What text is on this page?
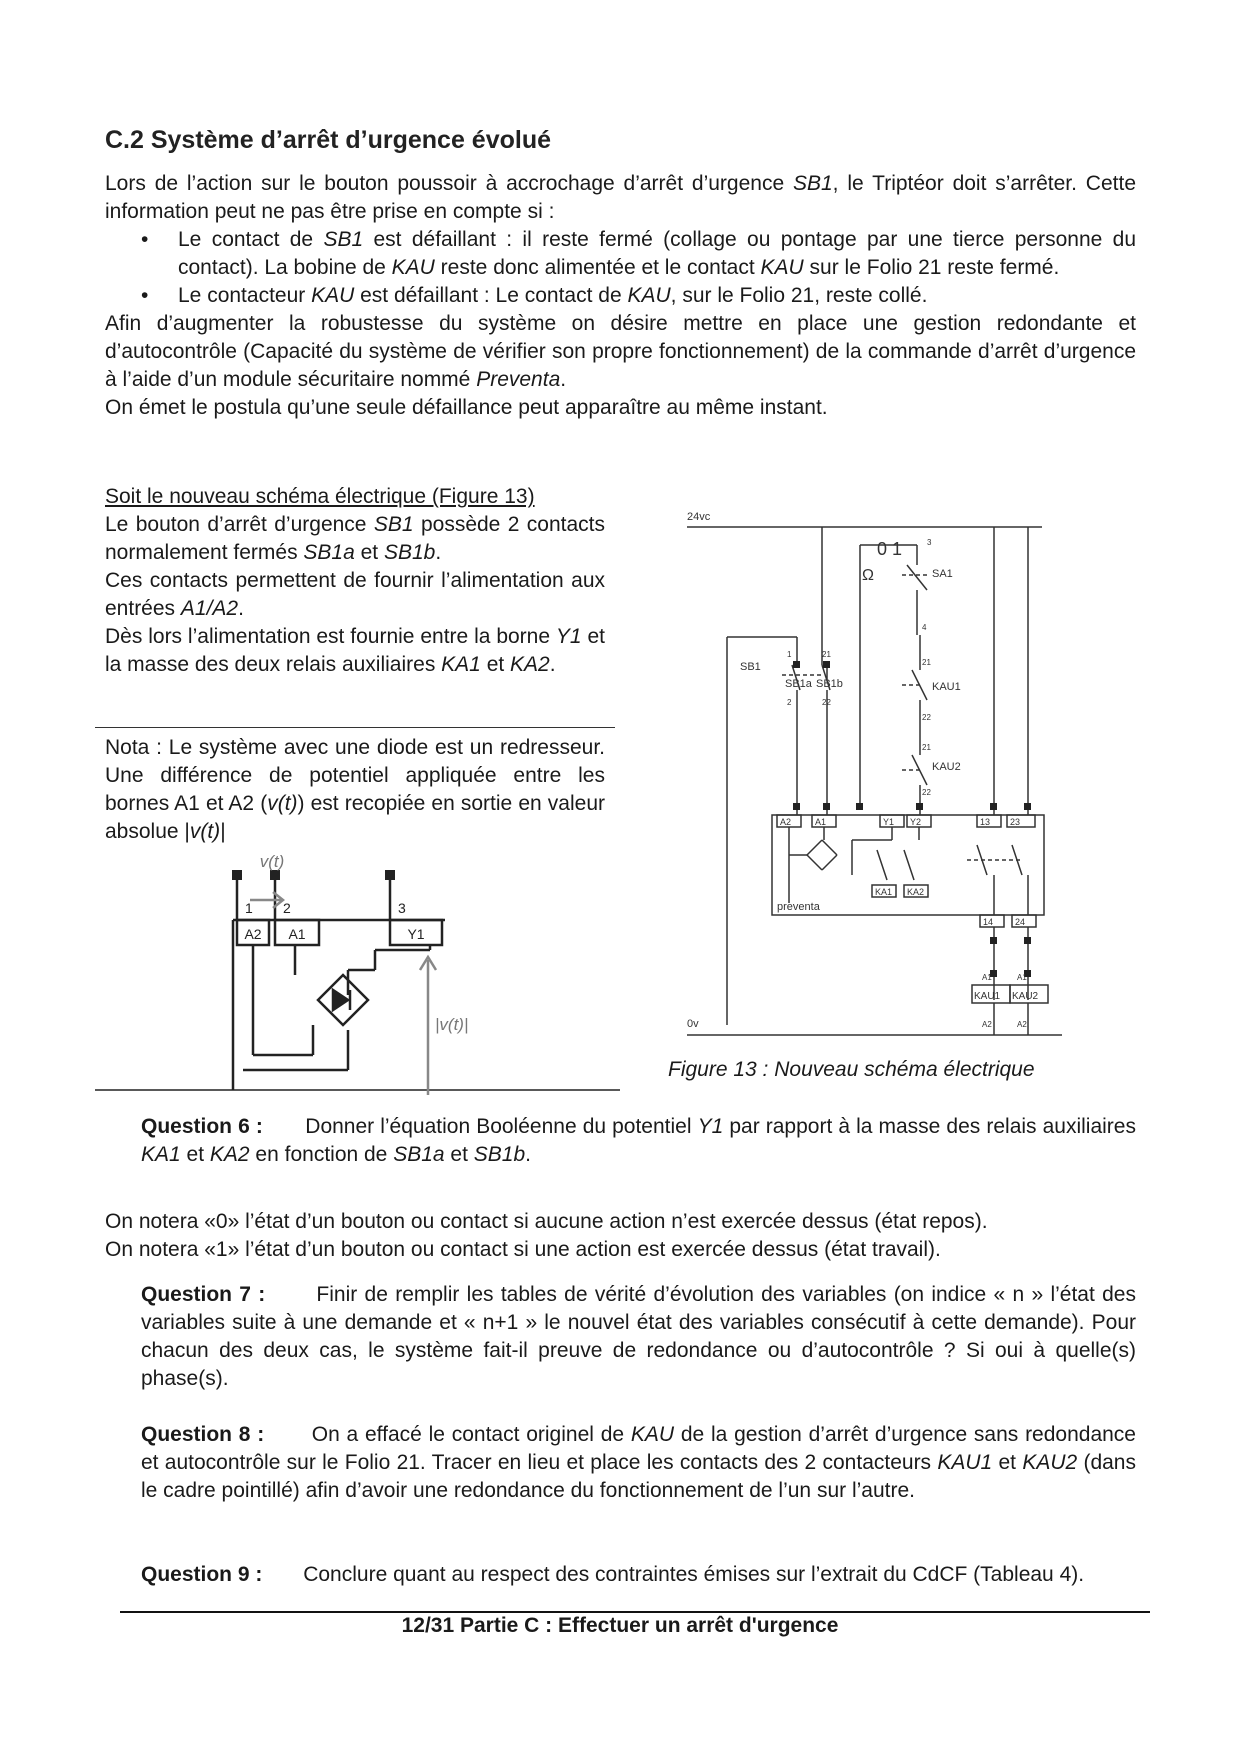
C.2 Système d’arrêt d’urgence évolué

Lors de l’action sur le bouton poussoir à accrochage d’arrêt d’urgence SB1, le Triptéor doit s’arrêter. Cette information peut ne pas être prise en compte si :

• Le contact de SB1 est défaillant : il reste fermé (collage ou pontage par une tierce personne du contact). La bobine de KAU reste donc alimentée et le contact KAU sur le Folio 21 reste fermé.
• Le contacteur KAU est défaillant : Le contact de KAU, sur le Folio 21, reste collé.

Afin d’augmenter la robustesse du système on désire mettre en place une gestion redondante et d’autocontrôle (Capacité du système de vérifier son propre fonctionnement) de la commande d’arrêt d’urgence à l’aide d’un module sécuritaire nommé Preventa.

On émet le postula qu’une seule défaillance peut apparaître au même instant.

Soit le nouveau schéma électrique (Figure 13)

Le bouton d’arrêt d’urgence SB1 possède 2 contacts normalement fermés SB1a et SB1b.

Ces contacts permettent de fournir l’alimentation aux entrées A1/A2.

Dès lors l’alimentation est fournie entre la borne Y1 et la masse des deux relais auxiliaires KA1 et KA2.

Nota : Le système avec une diode est un redresseur. Une différence de potentiel appliquée entre les bornes A1 et A2 (v(t)) est recopiée en sortie en valeur absolue |v(t)|

v(t)
|v(t)|
1 2	3
A2 A1	Y1
24vc
0v
0 1
Ω	SA1
KAU1
KAU2
SB1
SB1a SB1b
preventa
KA1 KA2
A2	A1	Y1 Y2	13 23
14 24
KAU1 KAU2
1	21
3
4
21
22
21
22
2	22
A1	A1
A2	A2
Figure 13 : Nouveau schéma électrique
Question 6 : Donner l’équation Booléenne du potentiel Y1 par rapport à la masse des relais auxiliaires KA1 et KA2 en fonction de SB1a et SB1b.

On notera «0» l’état d’un bouton ou contact si aucune action n’est exercée dessus (état repos).

On notera «1» l’état d’un bouton ou contact si une action est exercée dessus (état travail).

Question 7 : Finir de remplir les tables de vérité d’évolution des variables (on indice « n » l’état des variables suite à une demande et « n+1 » le nouvel état des variables consécutif à cette demande). Pour chacun des deux cas, le système fait-il preuve de redondance ou d’autocontrôle ? Si oui à quelle(s) phase(s).
Question 8 : On a effacé le contact originel de KAU de la gestion d’arrêt d’urgence sans redondance et autocontrôle sur le Folio 21. Tracer en lieu et place les contacts des 2 contacteurs KAU1 et KAU2 (dans le cadre pointillé) afin d’avoir une redondance du fonctionnement de l’un sur l’autre.
Question 9 : Conclure quant au respect des contraintes émises sur l’extrait du CdCF (Tableau 4).
12/31 Partie C : Effectuer un arrêt d'urgence
